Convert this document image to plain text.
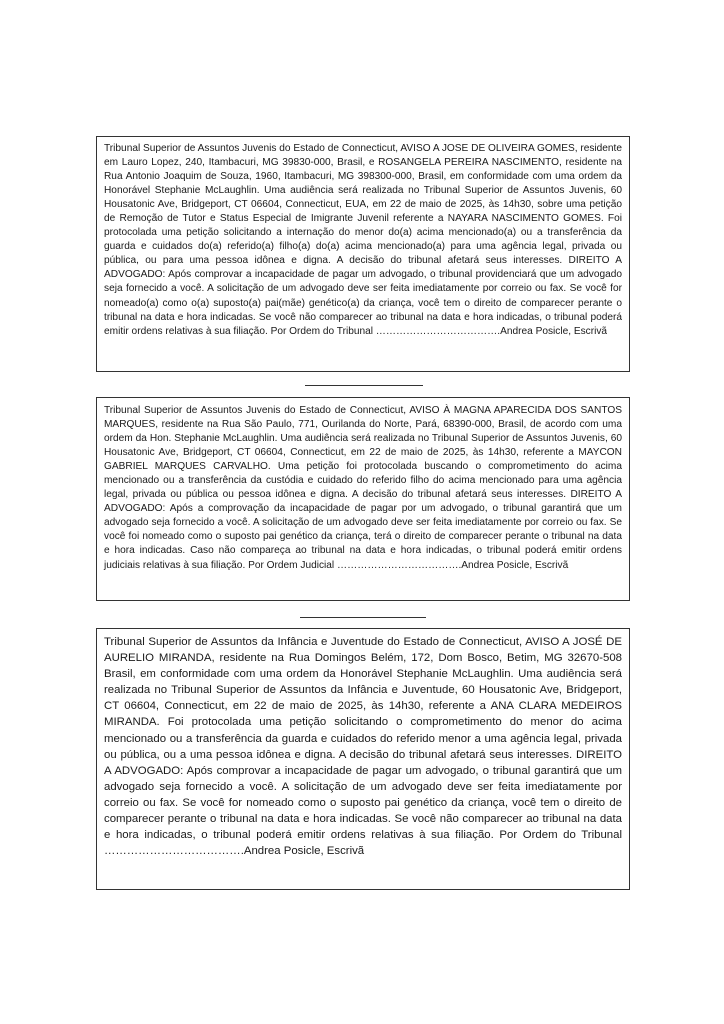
Tribunal Superior de Assuntos Juvenis do Estado de Connecticut, AVISO A JOSE DE OLIVEIRA GOMES, residente em Lauro Lopez, 240, Itambacuri, MG 39830-000, Brasil, e ROSANGELA PEREIRA NASCIMENTO, residente na Rua Antonio Joaquim de Souza, 1960, Itambacuri, MG 398300-000, Brasil, em conformidade com uma ordem da Honorável Stephanie McLaughlin. Uma audiência será realizada no Tribunal Superior de Assuntos Juvenis, 60 Housatonic Ave, Bridgeport, CT 06604, Connecticut, EUA, em 22 de maio de 2025, às 14h30, sobre uma petição de Remoção de Tutor e Status Especial de Imigrante Juvenil referente a NAYARA NASCIMENTO GOMES. Foi protocolada uma petição solicitando a internação do menor do(a) acima mencionado(a) ou a transferência da guarda e cuidados do(a) referido(a) filho(a) do(a) acima mencionado(a) para uma agência legal, privada ou pública, ou para uma pessoa idônea e digna. A decisão do tribunal afetará seus interesses. DIREITO A ADVOGADO: Após comprovar a incapacidade de pagar um advogado, o tribunal providenciará que um advogado seja fornecido a você. A solicitação de um advogado deve ser feita imediatamente por correio ou fax. Se você for nomeado(a) como o(a) suposto(a) pai(mãe) genético(a) da criança, você tem o direito de comparecer perante o tribunal na data e hora indicadas. Se você não comparecer ao tribunal na data e hora indicadas, o tribunal poderá emitir ordens relativas à sua filiação. Por Ordem do Tribunal ……………………………….Andrea Posicle, Escrivã

Tribunal Superior de Assuntos Juvenis do Estado de Connecticut, AVISO À MAGNA APARECIDA DOS SANTOS MARQUES, residente na Rua São Paulo, 771, Ourilanda do Norte, Pará, 68390-000, Brasil, de acordo com uma ordem da Hon. Stephanie McLaughlin. Uma audiência será realizada no Tribunal Superior de Assuntos Juvenis, 60 Housatonic Ave, Bridgeport, CT 06604, Connecticut, em 22 de maio de 2025, às 14h30, referente a MAYCON GABRIEL MARQUES CARVALHO. Uma petição foi protocolada buscando o comprometimento do acima mencionado ou a transferência da custódia e cuidado do referido filho do acima mencionado para uma agência legal, privada ou pública ou pessoa idônea e digna. A decisão do tribunal afetará seus interesses. DIREITO A ADVOGADO: Após a comprovação da incapacidade de pagar por um advogado, o tribunal garantirá que um advogado seja fornecido a você. A solicitação de um advogado deve ser feita imediatamente por correio ou fax. Se você foi nomeado como o suposto pai genético da criança, terá o direito de comparecer perante o tribunal na data e hora indicadas. Caso não compareça ao tribunal na data e hora indicadas, o tribunal poderá emitir ordens judiciais relativas à sua filiação. Por Ordem Judicial ……………………………….Andrea Posicle, Escrivã

Tribunal Superior de Assuntos da Infância e Juventude do Estado de Connecticut, AVISO A JOSÉ DE AURELIO MIRANDA, residente na Rua Domingos Belém, 172, Dom Bosco, Betim, MG 32670-508 Brasil, em conformidade com uma ordem da Honorável Stephanie McLaughlin. Uma audiência será realizada no Tribunal Superior de Assuntos da Infância e Juventude, 60 Housatonic Ave, Bridgeport, CT 06604, Connecticut, em 22 de maio de 2025, às 14h30, referente a ANA CLARA MEDEIROS MIRANDA. Foi protocolada uma petição solicitando o comprometimento do menor do acima mencionado ou a transferência da guarda e cuidados do referido menor a uma agência legal, privada ou pública, ou a uma pessoa idônea e digna. A decisão do tribunal afetará seus interesses. DIREITO A ADVOGADO: Após comprovar a incapacidade de pagar um advogado, o tribunal garantirá que um advogado seja fornecido a você. A solicitação de um advogado deve ser feita imediatamente por correio ou fax. Se você for nomeado como o suposto pai genético da criança, você tem o direito de comparecer perante o tribunal na data e hora indicadas. Se você não comparecer ao tribunal na data e hora indicadas, o tribunal poderá emitir ordens relativas à sua filiação. Por Ordem do Tribunal ……………………………….Andrea Posicle, Escrivã
